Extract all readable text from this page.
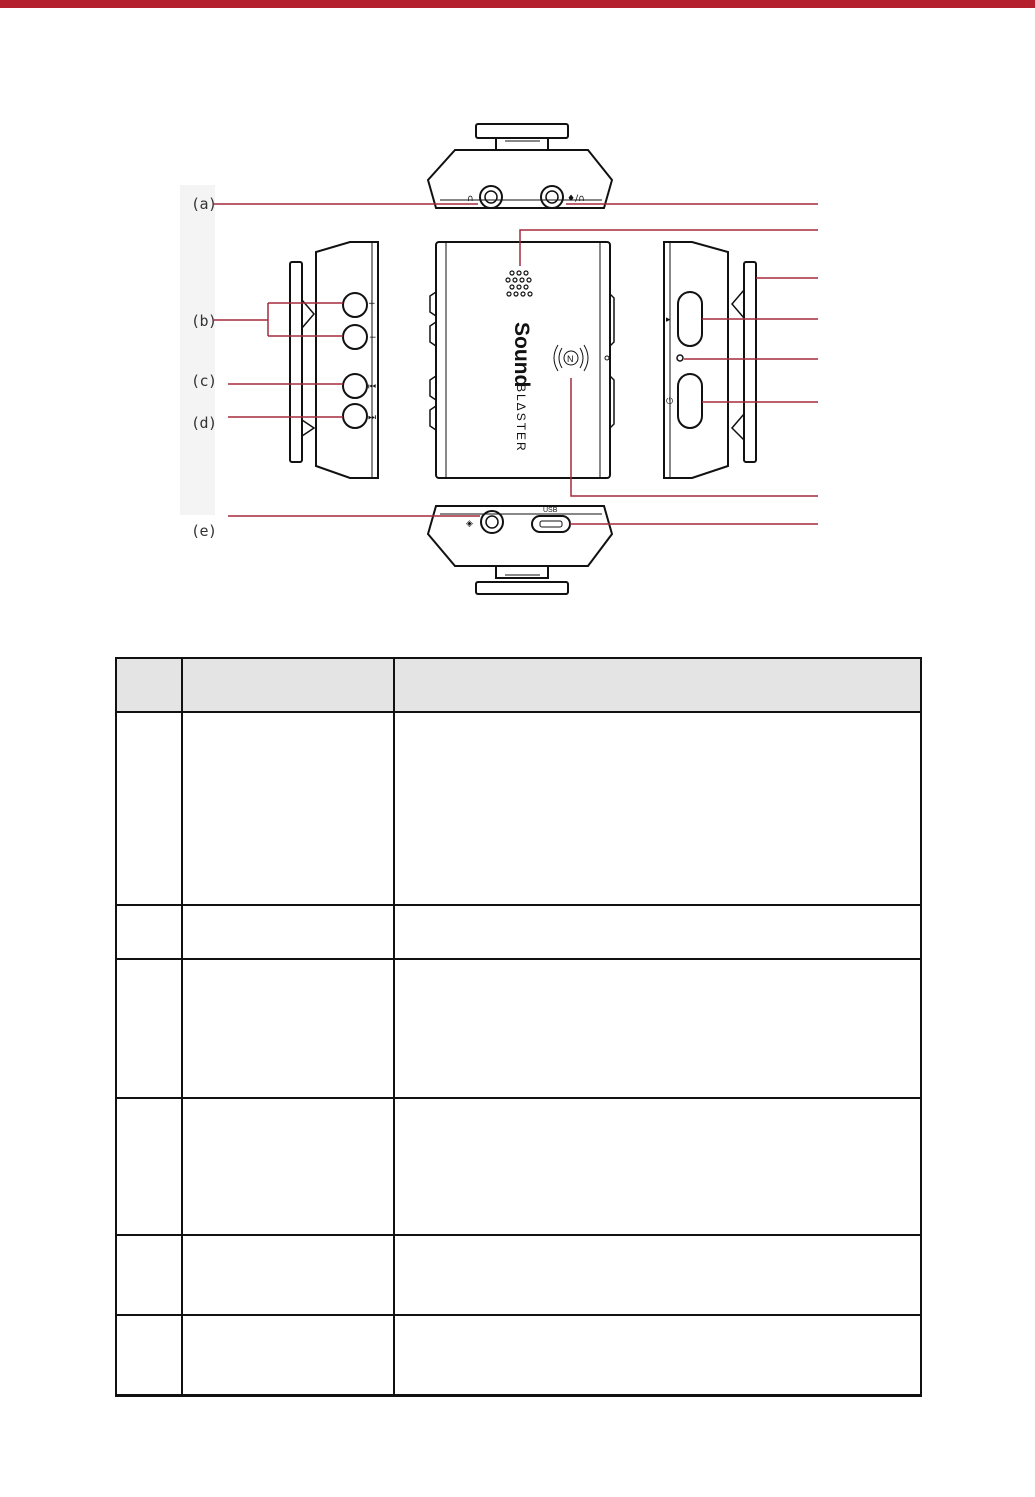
∩	♦/∩
+
−
⏮
⏭
Sound
BLΔSTER
N
▸
⏻
◈
USB
(a)
(b)
(c)
(d)
(e)
